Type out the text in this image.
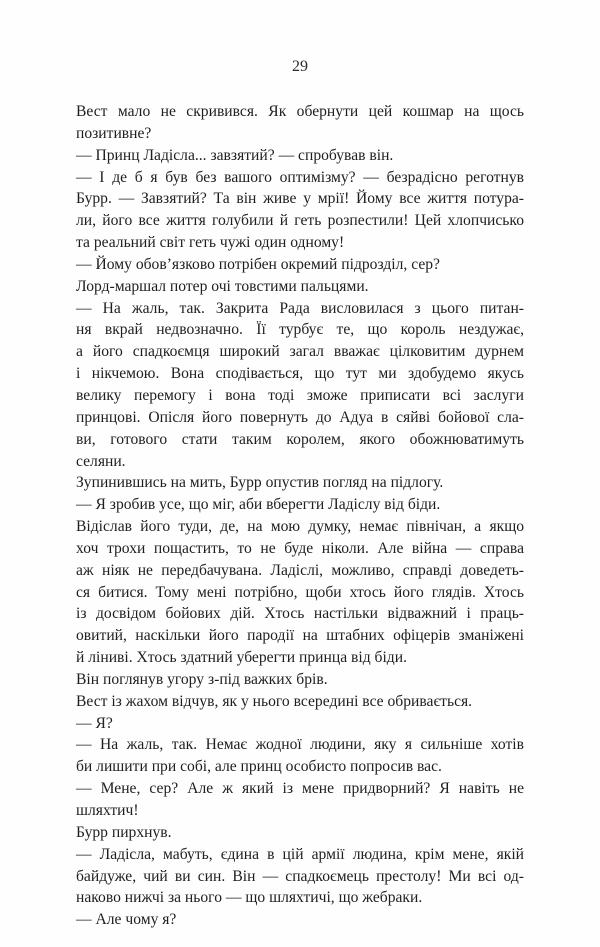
29
Вест мало не скривився. Як обернути цей кошмар на щось
позитивне?
— Принц Ладісла... завзятий? — спробував він.
— І де б я був без вашого оптимізму? — безрадісно реготнув
Бурр. — Завзятий? Та він живе у мрії! Йому все життя потура-
ли, його все життя голубили й геть розпестили! Цей хлопчисько
та реальний світ геть чужі один одному!
— Йому обов’язково потрібен окремий підрозділ, сер?
Лорд-маршал потер очі товстими пальцями.
— На жаль, так. Закрита Рада висловилася з цього питан-
ня вкрай недвозначно. Її турбує те, що король нездужає,
а його спадкоємця широкий загал вважає цілковитим дурнем
і нікчемою. Вона сподівається, що тут ми здобудемо якусь
велику перемогу і вона тоді зможе приписати всі заслуги
принцові. Опісля його повернуть до Адуа в сяйві бойової сла-
ви, готового стати таким королем, якого обожнюватимуть
селяни.
Зупинившись на мить, Бурр опустив погляд на підлогу.
— Я зробив усе, що міг, аби вберегти Ладіслу від біди.
Відіслав його туди, де, на мою думку, немає північан, а якщо
хоч трохи пощастить, то не буде ніколи. Але війна — справа
аж ніяк не передбачувана. Ладіслі, можливо, справді доведеть-
ся битися. Тому мені потрібно, щоби хтось його глядів. Хтось
із досвідом бойових дій. Хтось настільки відважний і праць-
овитий, наскільки його пародії на штабних офіцерів зманіжені
й ліниві. Хтось здатний уберегти принца від біди.
Він поглянув угору з-під важких брів.
Вест із жахом відчув, як у нього всередині все обривається.
— Я?
— На жаль, так. Немає жодної людини, яку я сильніше хотів
би лишити при собі, але принц особисто попросив вас.
— Мене, сер? Але ж який із мене придворний? Я навіть не
шляхтич!
Бурр пирхнув.
— Ладісла, мабуть, єдина в цій армії людина, крім мене, якій
байдуже, чий ви син. Він — спадкоємець престолу! Ми всі од-
наково нижчі за нього — що шляхтичі, що жебраки.
— Але чому я?
